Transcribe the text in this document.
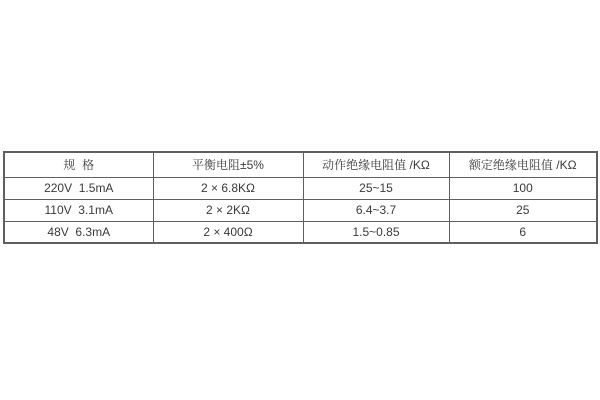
规  格	平衡电阻±5%	动作绝缘电阻值 /KΩ	额定绝缘电阻值 /KΩ
220V  1.5mA	2 × 6.8KΩ	25~15	100
110V  3.1mA	2 × 2KΩ	6.4~3.7	25
48V  6.3mA	2 × 400Ω	1.5~0.85	6
